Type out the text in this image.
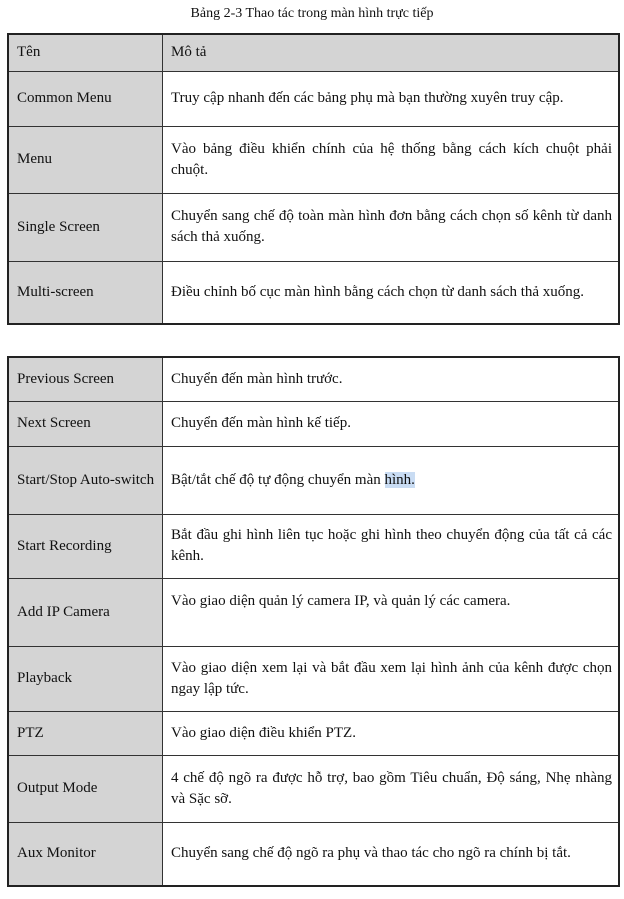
Bảng 2-3 Thao tác trong màn hình trực tiếp
Tên	Mô tả
Common Menu	Truy cập nhanh đến các bảng phụ mà bạn thường xuyên truy cập.
Menu	Vào bảng điều khiển chính của hệ thống bằng cách kích chuột phải chuột.
Single Screen	Chuyển sang chế độ toàn màn hình đơn bằng cách chọn số kênh từ danh sách thả xuống.
Multi-screen	Điều chỉnh bố cục màn hình bằng cách chọn từ danh sách thả xuống.
Previous Screen	Chuyển đến màn hình trước.
Next Screen	Chuyển đến màn hình kế tiếp.
Start/Stop Auto-switch	Bật/tắt chế độ tự động chuyển màn hình.
Start Recording	Bắt đầu ghi hình liên tục hoặc ghi hình theo chuyển động của tất cả các kênh.
Add IP Camera	Vào giao diện quản lý camera IP, và quản lý các camera.
Playback	Vào giao diện xem lại và bắt đầu xem lại hình ảnh của kênh được chọn ngay lập tức.
PTZ	Vào giao diện điều khiển PTZ.
Output Mode	4 chế độ ngõ ra được hỗ trợ, bao gồm Tiêu chuẩn, Độ sáng, Nhẹ nhàng và Sặc sỡ.
Aux Monitor	Chuyển sang chế độ ngõ ra phụ và thao tác cho ngõ ra chính bị tắt.
